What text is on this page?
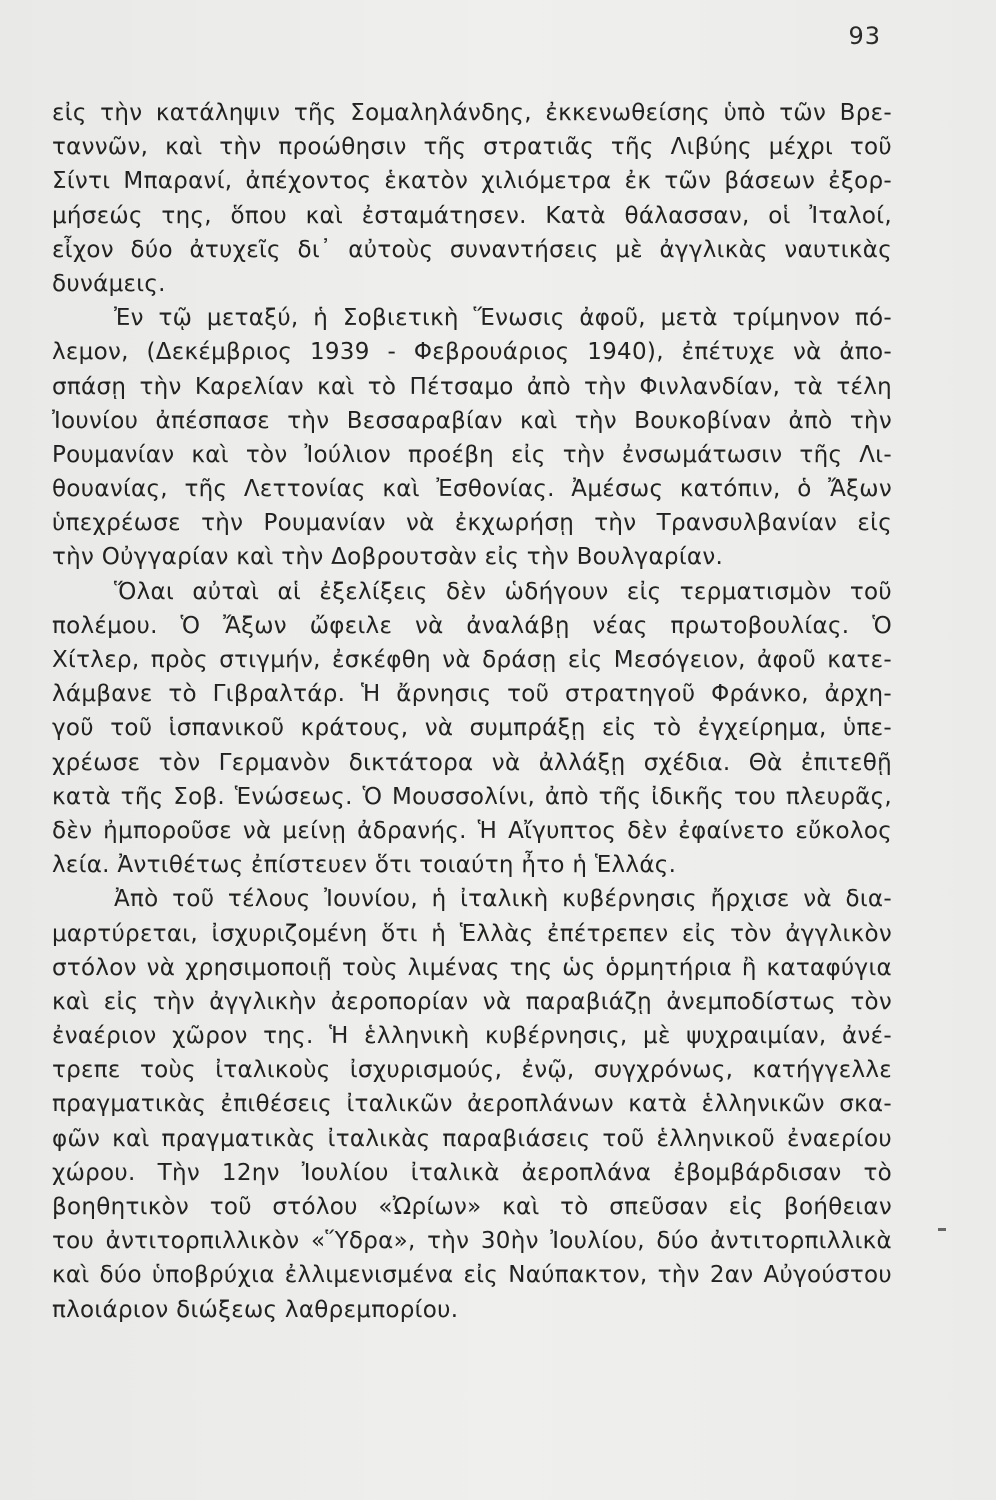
93
εἰς τὴν κατάληψιν τῆς Σομαληλάνδης, ἐκκενωθείσης ὑπὸ τῶν Βρε-
ταννῶν, καὶ τὴν προώθησιν τῆς στρατιᾶς τῆς Λιβύης μέχρι τοῦ
Σίντι Μπαρανί, ἀπέχοντος ἑκατὸν χιλιόμετρα ἐκ τῶν βάσεων ἐξορ-
μήσεώς της, ὅπου καὶ ἐσταμάτησεν. Κατὰ θάλασσαν, οἱ Ἰταλοί,
εἶχον δύο ἀτυχεῖς δι᾿ αὐτοὺς συναντήσεις μὲ ἀγγλικὰς ναυτικὰς
δυνάμεις.
Ἐν τῷ μεταξύ, ἡ Σοβιετικὴ Ἕνωσις ἀφοῦ, μετὰ τρίμηνον πό-
λεμον, (Δεκέμβριος 1939 - Φεβρουάριος 1940), ἐπέτυχε νὰ ἀπο-
σπάσῃ τὴν Καρελίαν καὶ τὸ Πέτσαμο ἀπὸ τὴν Φινλανδίαν, τὰ τέλη
Ἰουνίου ἀπέσπασε τὴν Βεσσαραβίαν καὶ τὴν Βουκοβίναν ἀπὸ τὴν
Ρουμανίαν καὶ τὸν Ἰούλιον προέβη εἰς τὴν ἐνσωμάτωσιν τῆς Λι-
θουανίας, τῆς Λεττονίας καὶ Ἐσθονίας. Ἀμέσως κατόπιν, ὁ Ἄξων
ὑπεχρέωσε τὴν Ρουμανίαν νὰ ἐκχωρήσῃ τὴν Τρανσυλβανίαν εἰς
τὴν Οὐγγαρίαν καὶ τὴν Δοβρουτσὰν εἰς τὴν Βουλγαρίαν.
Ὅλαι αὐταὶ αἱ ἐξελίξεις δὲν ὡδήγουν εἰς τερματισμὸν τοῦ
πολέμου. Ὁ Ἄξων ὤφειλε νὰ ἀναλάβῃ νέας πρωτοβουλίας. Ὁ
Χίτλερ, πρὸς στιγμήν, ἐσκέφθη νὰ δράσῃ εἰς Μεσόγειον, ἀφοῦ κατε-
λάμβανε τὸ Γιβραλτάρ. Ἡ ἄρνησις τοῦ στρατηγοῦ Φράνκο, ἀρχη-
γοῦ τοῦ ἱσπανικοῦ κράτους, νὰ συμπράξῃ εἰς τὸ ἐγχείρημα, ὑπε-
χρέωσε τὸν Γερμανὸν δικτάτορα νὰ ἀλλάξῃ σχέδια. Θὰ ἐπιτεθῇ
κατὰ τῆς Σοβ. Ἑνώσεως. Ὁ Μουσσολίνι, ἀπὸ τῆς ἰδικῆς του πλευρᾶς,
δὲν ἠμποροῦσε νὰ μείνῃ ἀδρανής. Ἡ Αἴγυπτος δὲν ἐφαίνετο εὔκολος
λεία. Ἀντιθέτως ἐπίστευεν ὅτι τοιαύτη ἦτο ἡ Ἑλλάς.
Ἀπὸ τοῦ τέλους Ἰουνίου, ἡ ἰταλικὴ κυβέρνησις ἤρχισε νὰ δια-
μαρτύρεται, ἰσχυριζομένη ὅτι ἡ Ἑλλὰς ἐπέτρεπεν εἰς τὸν ἀγγλικὸν
στόλον νὰ χρησιμοποιῇ τοὺς λιμένας της ὡς ὁρμητήρια ἢ καταφύγια
καὶ εἰς τὴν ἀγγλικὴν ἀεροπορίαν νὰ παραβιάζῃ ἀνεμποδίστως τὸν
ἐναέριον χῶρον της. Ἡ ἑλληνικὴ κυβέρνησις, μὲ ψυχραιμίαν, ἀνέ-
τρεπε τοὺς ἰταλικοὺς ἰσχυρισμούς, ἐνῷ, συγχρόνως, κατήγγελλε
πραγματικὰς ἐπιθέσεις ἰταλικῶν ἀεροπλάνων κατὰ ἑλληνικῶν σκα-
φῶν καὶ πραγματικὰς ἰταλικὰς παραβιάσεις τοῦ ἑλληνικοῦ ἐναερίου
χώρου. Τὴν 12ην Ἰουλίου ἰταλικὰ ἀεροπλάνα ἐβομβάρδισαν τὸ
βοηθητικὸν τοῦ στόλου «Ὠρίων» καὶ τὸ σπεῦσαν εἰς βοήθειαν
του ἀντιτορπιλλικὸν «Ὕδρα», τὴν 30ὴν Ἰουλίου, δύο ἀντιτορπιλλικὰ
καὶ δύο ὑποβρύχια ἐλλιμενισμένα εἰς Ναύπακτον, τὴν 2αν Αὐγούστου
πλοιάριον διώξεως λαθρεμπορίου.
